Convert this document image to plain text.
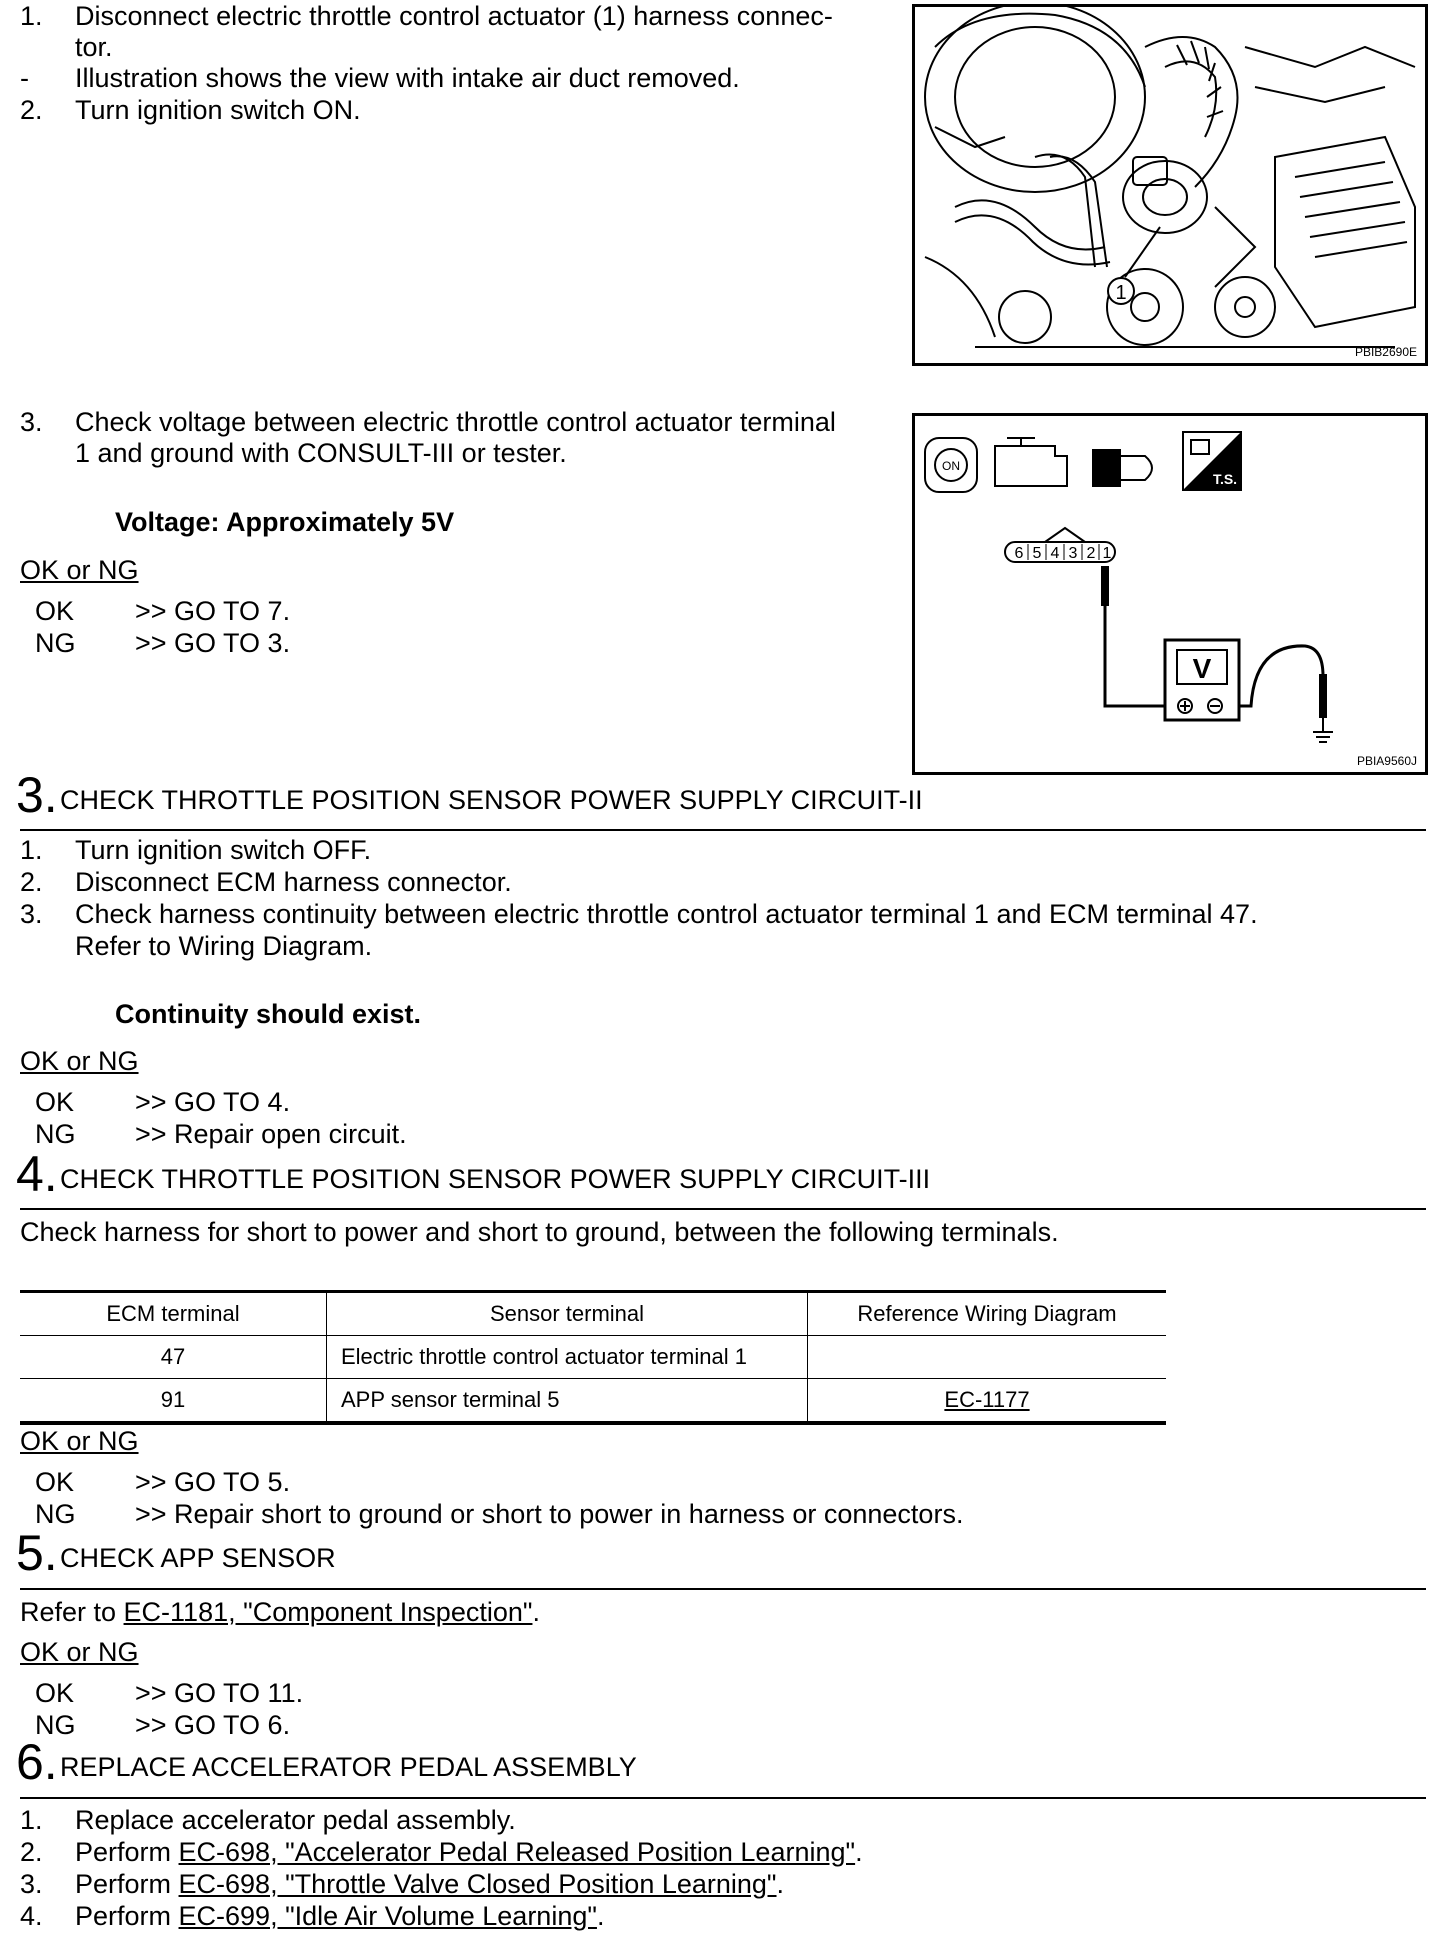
1. Disconnect electric throttle control actuator (1) harness connec-
tor.
- Illustration shows the view with intake air duct removed.
2. Turn ignition switch ON.
1
PBIB2690E
3. Check voltage between electric throttle control actuator terminal
1 and ground with CONSULT-III or tester.
Voltage: Approximately 5V
OK or NG
OK >> GO TO 7.
NG >> GO TO 3.
ON
T.S.
6 5 4 3 2 1
V
PBIA9560J
3. CHECK THROTTLE POSITION SENSOR POWER SUPPLY CIRCUIT-II
1. Turn ignition switch OFF.
2. Disconnect ECM harness connector.
3. Check harness continuity between electric throttle control actuator terminal 1 and ECM terminal 47.
Refer to Wiring Diagram.
Continuity should exist.
OK or NG
OK >> GO TO 4.
NG >> Repair open circuit.
4. CHECK THROTTLE POSITION SENSOR POWER SUPPLY CIRCUIT-III
Check harness for short to power and short to ground, between the following terminals.
ECM terminal	Sensor terminal	Reference Wiring Diagram
47	Electric throttle control actuator terminal 1	
91	APP sensor terminal 5	EC-1177
OK or NG
OK >> GO TO 5.
NG >> Repair short to ground or short to power in harness or connectors.
5. CHECK APP SENSOR
Refer to EC-1181, "Component Inspection".
OK or NG
OK >> GO TO 11.
NG >> GO TO 6.
6. REPLACE ACCELERATOR PEDAL ASSEMBLY
1. Replace accelerator pedal assembly.
2. Perform EC-698, "Accelerator Pedal Released Position Learning".
3. Perform EC-698, "Throttle Valve Closed Position Learning".
4. Perform EC-699, "Idle Air Volume Learning".
